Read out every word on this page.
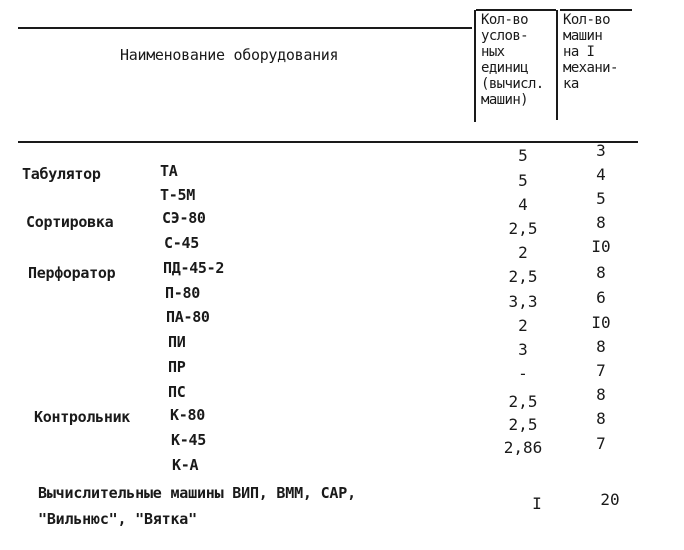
Наименование оборудования
Кол-во
услов-
ных
единиц
(вычисл.
машин)
Кол-во
машин
на I
механи-
ка
Табулятор
Сортировка
Перфоратор
Контрольник
ТА
Т-5М
СЭ-80
С-45
ПД-45-2
П-80
ПА-80
ПИ
ПР
ПС
К-80
К-45
К-А
5
5
4
2,5
2
2,5
3,3
2
3
-
2,5
2,5
2,86
3
4
5
8
I0
8
6
I0
8
7
8
8
7
Вычислительные машины ВИП, ВММ, САР,
"Вильнюс", "Вятка"
I	20
